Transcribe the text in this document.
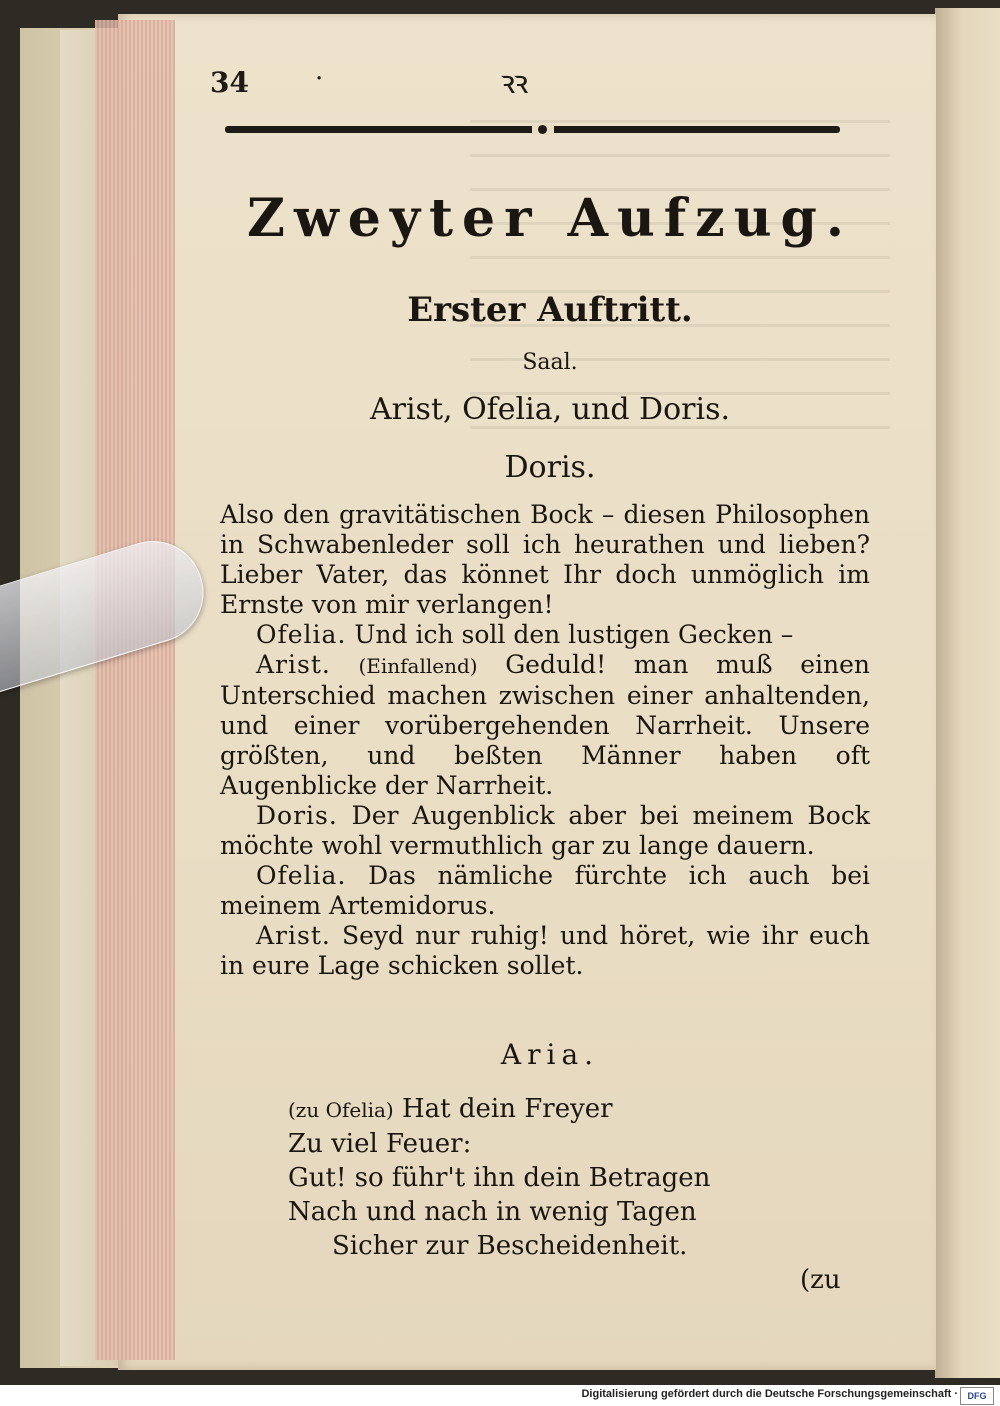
34	·	ꝛꝛ
Zweyter Aufzug.
Erster Auftritt.
Saal.
Arist, Ofelia, und Doris.
Doris.

Also den gravitätischen Bock – diesen Philosophen in Schwabenleder soll ich heurathen und lieben? Lieber Vater, das könnet Ihr doch unmöglich im Ernste von mir verlangen!

Ofelia. Und ich soll den lustigen Gecken –

Arist. (Einfallend) Geduld! man muß einen Unterschied machen zwischen einer anhaltenden, und einer vorübergehenden Narrheit. Unsere größten, und beßten Männer haben oft Augenblicke der Narrheit.

Doris. Der Augenblick aber bei meinem Bock möchte wohl vermuthlich gar zu lange dauern.

Ofelia. Das nämliche fürchte ich auch bei meinem Artemidorus.

Arist. Seyd nur ruhig! und höret, wie ihr euch in eure Lage schicken sollet.

Aria.
(zu Ofelia) Hat dein Freyer
Zu viel Feuer:
Gut! so führ't ihn dein Betragen
Nach und nach in wenig Tagen
Sicher zur Bescheidenheit.
(zu
Digitalisierung gefördert durch die Deutsche Forschungsgemeinschaft ·	DFG
